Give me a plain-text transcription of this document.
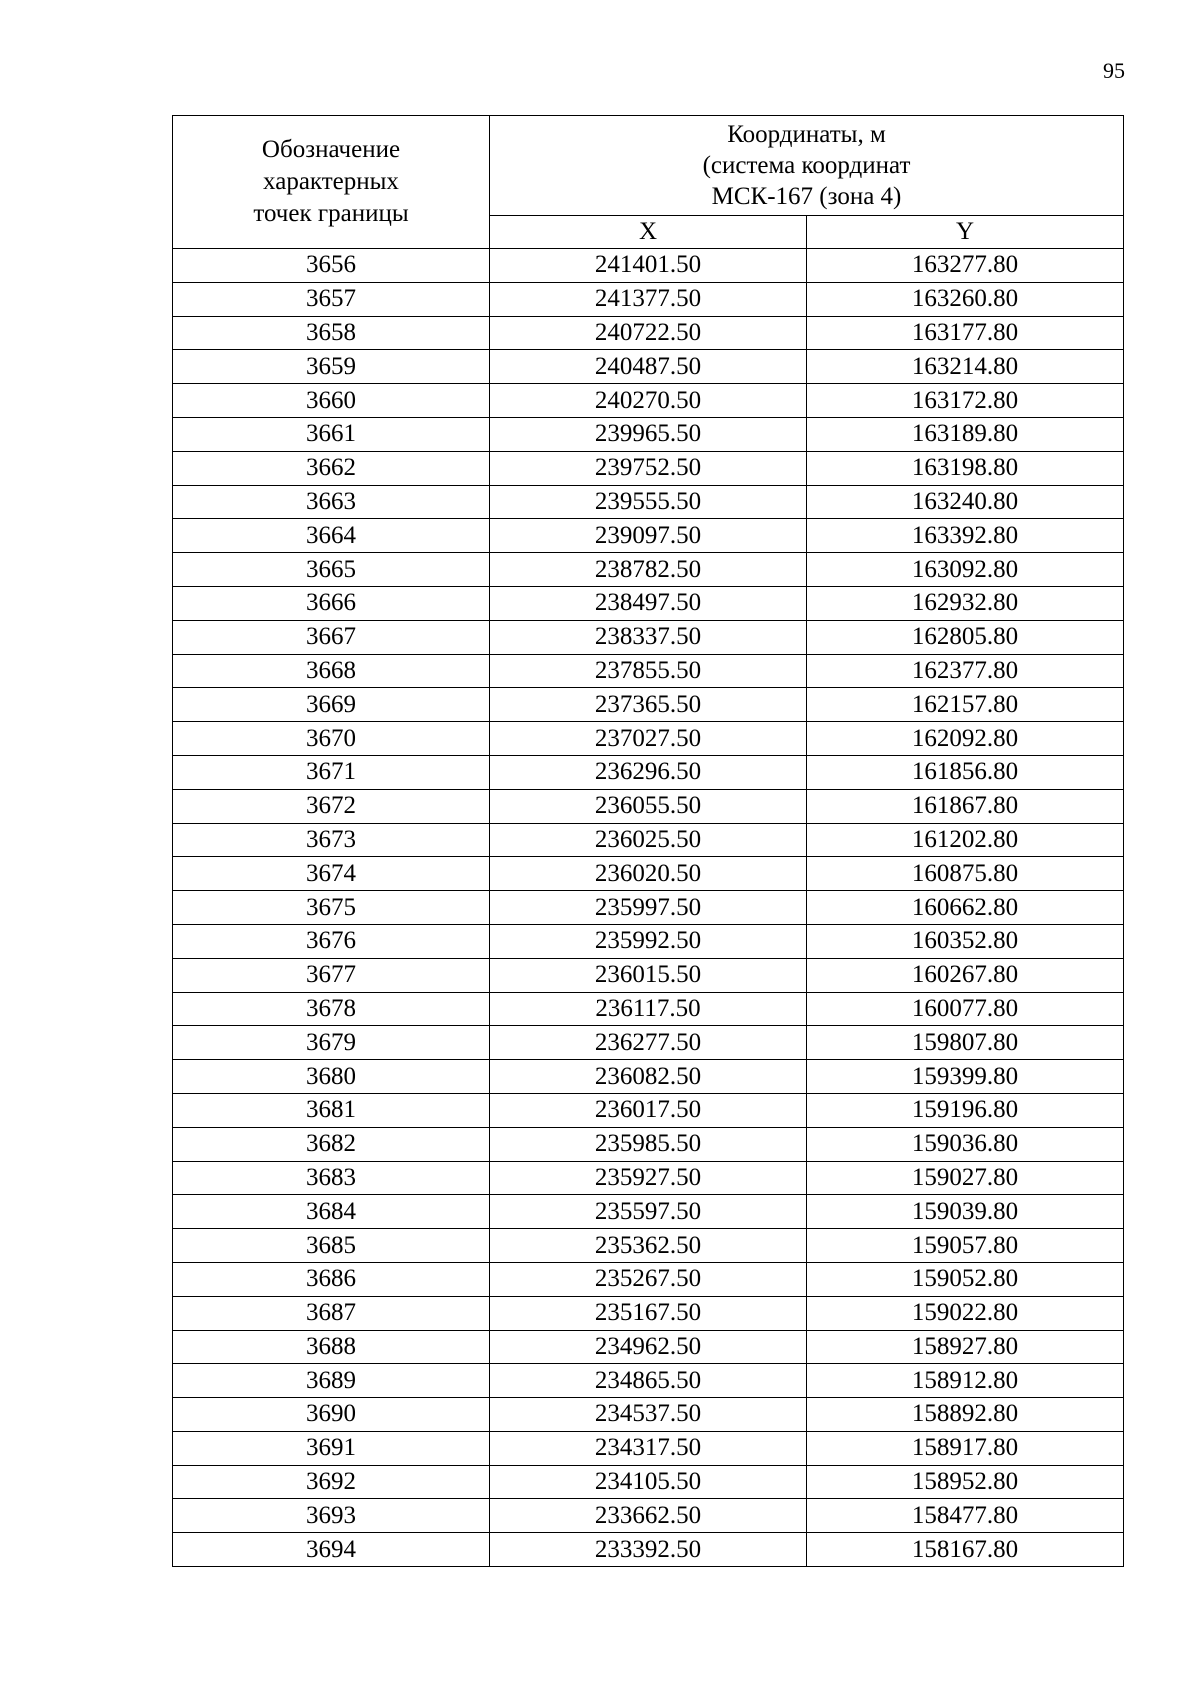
95
Обозначение
характерных
точек границы	Координаты, м
(система координат
МСК-167 (зона 4)	

	X	Y
3656	241401.50	163277.80
3657	241377.50	163260.80
3658	240722.50	163177.80
3659	240487.50	163214.80
3660	240270.50	163172.80
3661	239965.50	163189.80
3662	239752.50	163198.80
3663	239555.50	163240.80
3664	239097.50	163392.80
3665	238782.50	163092.80
3666	238497.50	162932.80
3667	238337.50	162805.80
3668	237855.50	162377.80
3669	237365.50	162157.80
3670	237027.50	162092.80
3671	236296.50	161856.80
3672	236055.50	161867.80
3673	236025.50	161202.80
3674	236020.50	160875.80
3675	235997.50	160662.80
3676	235992.50	160352.80
3677	236015.50	160267.80
3678	236117.50	160077.80
3679	236277.50	159807.80
3680	236082.50	159399.80
3681	236017.50	159196.80
3682	235985.50	159036.80
3683	235927.50	159027.80
3684	235597.50	159039.80
3685	235362.50	159057.80
3686	235267.50	159052.80
3687	235167.50	159022.80
3688	234962.50	158927.80
3689	234865.50	158912.80
3690	234537.50	158892.80
3691	234317.50	158917.80
3692	234105.50	158952.80
3693	233662.50	158477.80
3694	233392.50	158167.80
